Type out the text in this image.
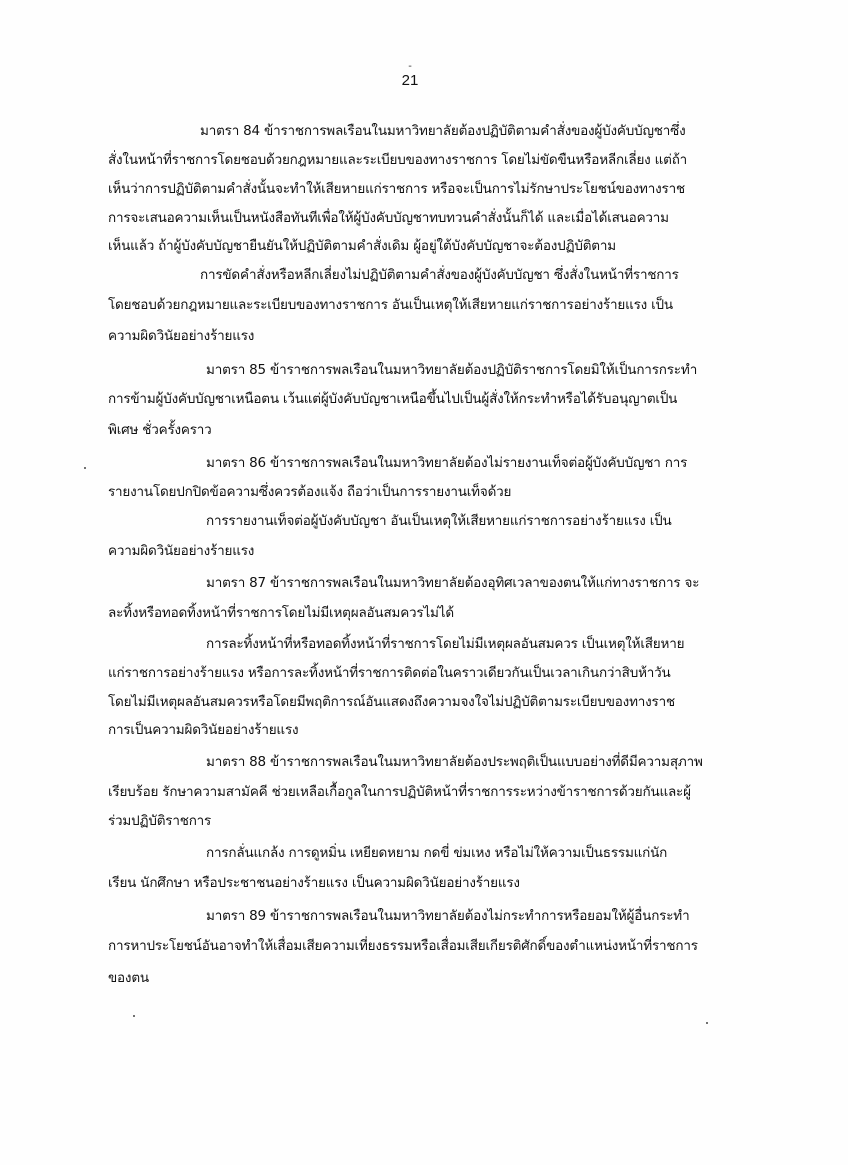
-
21
มาตรา 84 ข้าราชการพลเรือนในมหาวิทยาลัยต้องปฏิบัติตามคำสั่งของผู้บังคับบัญชาซึ่ง
สั่งในหน้าที่ราชการโดยชอบด้วยกฎหมายและระเบียบของทางราชการ โดยไม่ขัดขืนหรือหลีกเลี่ยง แต่ถ้า
เห็นว่าการปฏิบัติตามคำสั่งนั้นจะทำให้เสียหายแก่ราชการ หรือจะเป็นการไม่รักษาประโยชน์ของทางราช
การจะเสนอความเห็นเป็นหนังสือทันทีเพื่อให้ผู้บังคับบัญชาทบทวนคำสั่งนั้นก็ได้ และเมื่อได้เสนอความ
เห็นแล้ว ถ้าผู้บังคับบัญชายืนยันให้ปฏิบัติตามคำสั่งเดิม ผู้อยู่ใต้บังคับบัญชาจะต้องปฏิบัติตาม
การขัดคำสั่งหรือหลีกเลี่ยงไม่ปฏิบัติตามคำสั่งของผู้บังคับบัญชา ซึ่งสั่งในหน้าที่ราชการ
โดยชอบด้วยกฎหมายและระเบียบของทางราชการ อันเป็นเหตุให้เสียหายแก่ราชการอย่างร้ายแรง เป็น
ความผิดวินัยอย่างร้ายแรง
มาตรา 85 ข้าราชการพลเรือนในมหาวิทยาลัยต้องปฏิบัติราชการโดยมิให้เป็นการกระทำ
การข้ามผู้บังคับบัญชาเหนือตน เว้นแต่ผู้บังคับบัญชาเหนือขึ้นไปเป็นผู้สั่งให้กระทำหรือได้รับอนุญาตเป็น
พิเศษ ชั่วครั้งคราว
มาตรา 86 ข้าราชการพลเรือนในมหาวิทยาลัยต้องไม่รายงานเท็จต่อผู้บังคับบัญชา การ
รายงานโดยปกปิดข้อความซึ่งควรต้องแจ้ง ถือว่าเป็นการรายงานเท็จด้วย
การรายงานเท็จต่อผู้บังคับบัญชา อันเป็นเหตุให้เสียหายแก่ราชการอย่างร้ายแรง เป็น
ความผิดวินัยอย่างร้ายแรง
มาตรา 87 ข้าราชการพลเรือนในมหาวิทยาลัยต้องอุทิศเวลาของตนให้แก่ทางราชการ จะ
ละทิ้งหรือทอดทิ้งหน้าที่ราชการโดยไม่มีเหตุผลอันสมควรไม่ได้
การละทิ้งหน้าที่หรือทอดทิ้งหน้าที่ราชการโดยไม่มีเหตุผลอันสมควร เป็นเหตุให้เสียหาย
แก่ราชการอย่างร้ายแรง หรือการละทิ้งหน้าที่ราชการติดต่อในคราวเดียวกันเป็นเวลาเกินกว่าสิบห้าวัน
โดยไม่มีเหตุผลอันสมควรหรือโดยมีพฤติการณ์อันแสดงถึงความจงใจไม่ปฏิบัติตามระเบียบของทางราช
การเป็นความผิดวินัยอย่างร้ายแรง
มาตรา 88 ข้าราชการพลเรือนในมหาวิทยาลัยต้องประพฤติเป็นแบบอย่างที่ดีมีความสุภาพ
เรียบร้อย รักษาความสามัคคี ช่วยเหลือเกื้อกูลในการปฏิบัติหน้าที่ราชการระหว่างข้าราชการด้วยกันและผู้
ร่วมปฏิบัติราชการ
การกลั่นแกล้ง การดูหมิ่น เหยียดหยาม กดขี่ ข่มเหง หรือไม่ให้ความเป็นธรรมแก่นัก
เรียน นักศึกษา หรือประชาชนอย่างร้ายแรง เป็นความผิดวินัยอย่างร้ายแรง
มาตรา 89 ข้าราชการพลเรือนในมหาวิทยาลัยต้องไม่กระทำการหรือยอมให้ผู้อื่นกระทำ
การหาประโยชน์อันอาจทำให้เสื่อมเสียความเที่ยงธรรมหรือเสื่อมเสียเกียรติศักดิ์ของตำแหน่งหน้าที่ราชการ
ของตน
